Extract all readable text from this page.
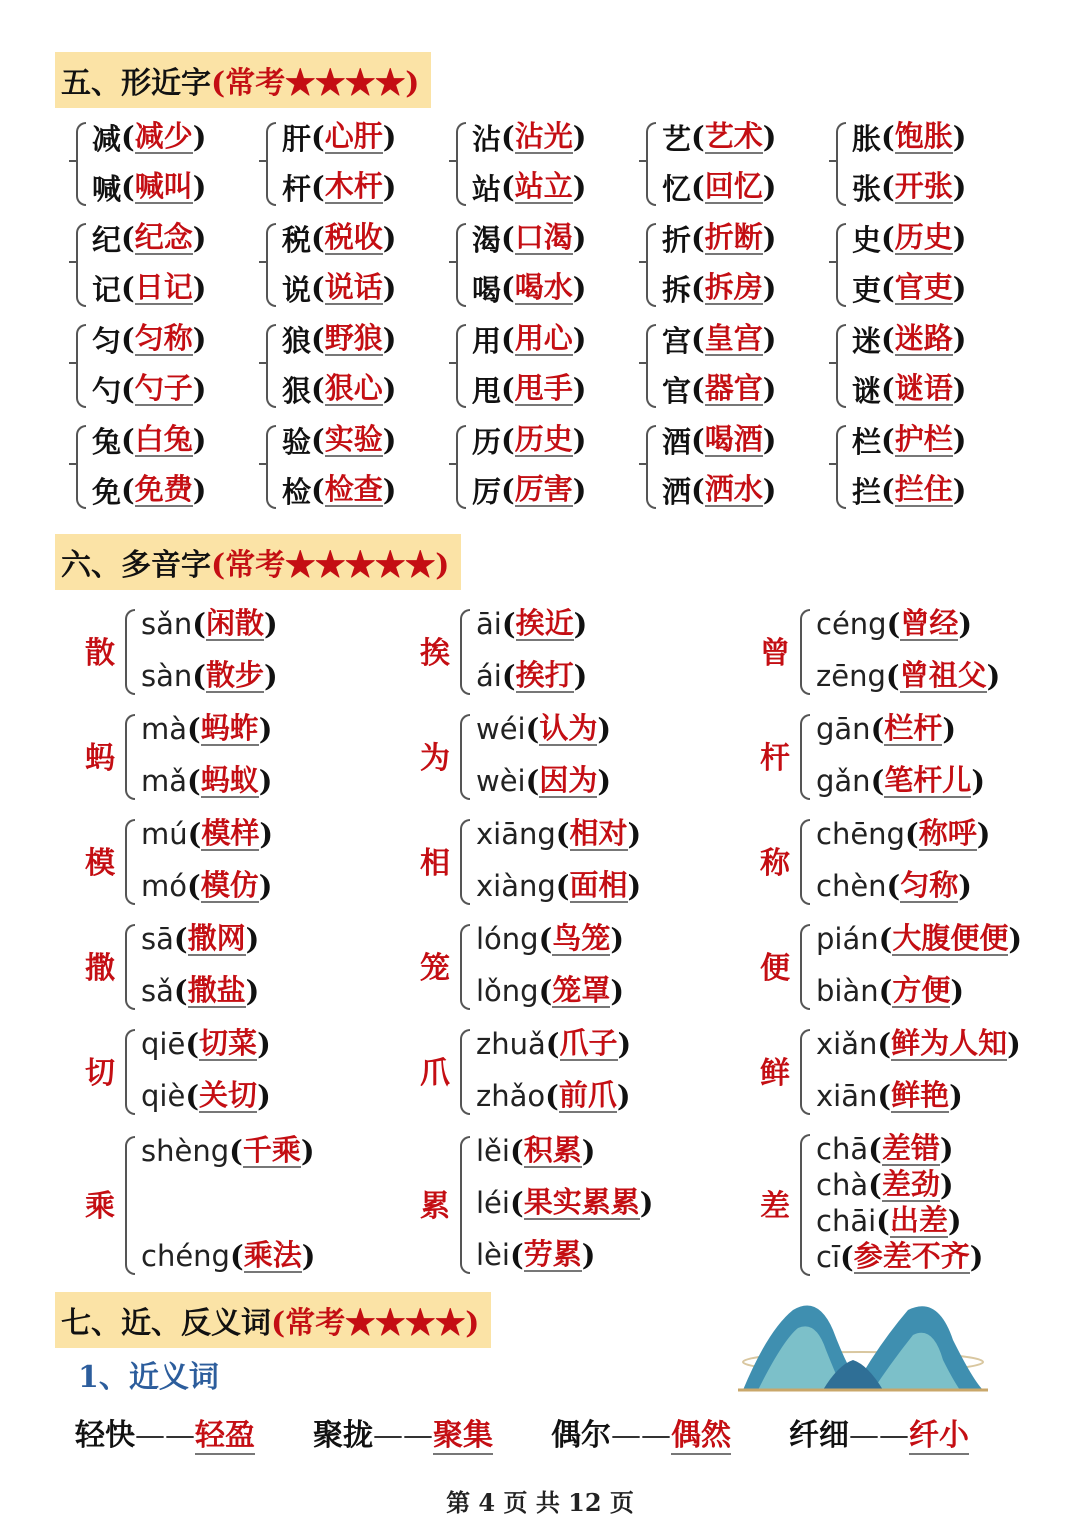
五、形近字 (常考★★★★)
减 ( 减少 )
喊 ( 喊叫 )
肝 ( 心肝 )
杆 ( 木杆 )
沾 ( 沾光 )
站 ( 站立 )
艺 ( 艺术 )
忆 ( 回忆 )
胀 ( 饱胀 )
张 ( 开张 )
纪 ( 纪念 )
记 ( 日记 )
税 ( 税收 )
说 ( 说话 )
渴 ( 口渴 )
喝 ( 喝水 )
折 ( 折断 )
拆 ( 拆房 )
史 ( 历史 )
吏 ( 官吏 )
匀 ( 匀称 )
勺 ( 勺子 )
狼 ( 野狼 )
狠 ( 狠心 )
用 ( 用心 )
甩 ( 甩手 )
宫 ( 皇宫 )
官 ( 器官 )
迷 ( 迷路 )
谜 ( 谜语 )
兔 ( 白兔 )
免 ( 免费 )
验 ( 实验 )
检 ( 检查 )
历 ( 历史 )
厉 ( 厉害 )
酒 ( 喝酒 )
洒 ( 洒水 )
栏 ( 护栏 )
拦 ( 拦住 )
六、多音字 (常考★★★★★)
散
sǎn ( 闲散 )
sàn ( 散步 )
挨
āi ( 挨近 )
ái ( 挨打 )
曾
céng ( 曾经 )
zēng ( 曾祖父 )
蚂
mà ( 蚂蚱 )
mǎ ( 蚂蚁 )
为
wéi ( 认为 )
wèi ( 因为 )
杆
gān ( 栏杆 )
gǎn ( 笔杆儿 )
模
mú ( 模样 )
mó ( 模仿 )
相
xiāng ( 相对 )
xiàng ( 面相 )
称
chēng ( 称呼 )
chèn ( 匀称 )
撒
sā ( 撒网 )
sǎ ( 撒盐 )
笼
lóng ( 鸟笼 )
lǒng ( 笼罩 )
便
pián ( 大腹便便 )
biàn ( 方便 )
切
qiē ( 切菜 )
qiè ( 关切 )
爪
zhuǎ ( 爪子 )
zhǎo ( 前爪 )
鲜
xiǎn ( 鲜为人知 )
xiān ( 鲜艳 )
乘
shèng ( 千乘 )
chéng ( 乘法 )
累
lěi ( 积累 )
léi ( 果实累累 )
lèi ( 劳累 )
差
chā ( 差错 )
chà ( 差劲 )
chāi ( 出差 )
cī ( 参差不齐 )
七、近、反义词 (常考★★★★)
1、近义词
轻快——轻盈	聚拢——聚集	偶尔——偶然	纤细——纤小
第 4 页 共 12 页
